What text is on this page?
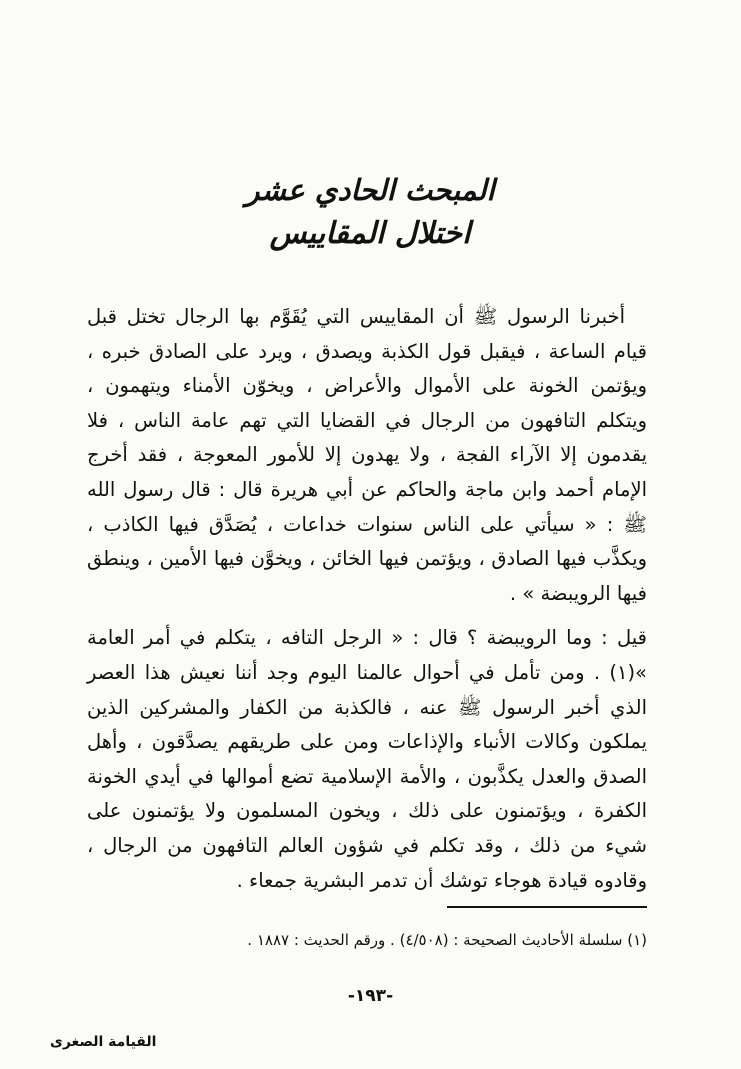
المبحث الحادي عشر
اختلال المقاييس

أخبرنا الرسول ﷺ أن المقاييس التي يُقَوَّم بها الرجال تختل قبل قيام الساعة ، فيقبل قول الكذبة ويصدق ، ويرد على الصادق خبره ، ويؤتمن الخونة على الأموال والأعراض ، ويخوّن الأمناء ويتهمون ، ويتكلم التافهون من الرجال في القضايا التي تهم عامة الناس ، فلا يقدمون إلا الآراء الفجة ، ولا يهدون إلا للأمور المعوجة ، فقد أخرج الإمام أحمد وابن ماجة والحاكم عن أبي هريرة قال : قال رسول الله ﷺ : « سيأتي على الناس سنوات خداعات ، يُصَدَّق فيها الكاذب ، ويكذَّب فيها الصادق ، ويؤتمن فيها الخائن ، ويخوَّن فيها الأمين ، وينطق فيها الرويبضة » .

قيل : وما الرويبضة ؟ قال : « الرجل التافه ، يتكلم في أمر العامة »(١) . ومن تأمل في أحوال عالمنا اليوم وجد أننا نعيش هذا العصر الذي أخبر الرسول ﷺ عنه ، فالكذبة من الكفار والمشركين الذين يملكون وكالات الأنباء والإذاعات ومن على طريقهم يصدَّقون ، وأهل الصدق والعدل يكذَّبون ، والأمة الإسلامية تضع أموالها في أيدي الخونة الكفرة ، ويؤتمنون على ذلك ، ويخون المسلمون ولا يؤتمنون على شيء من ذلك ، وقد تكلم في شؤون العالم التافهون من الرجال ، وقادوه قيادة هوجاء توشك أن تدمر البشرية جمعاء .

(١) سلسلة الأحاديث الصحيحة : (٤/٥٠٨) . ورقم الحديث : ١٨٨٧ .
-١٩٣-
القيامة الصغرى
